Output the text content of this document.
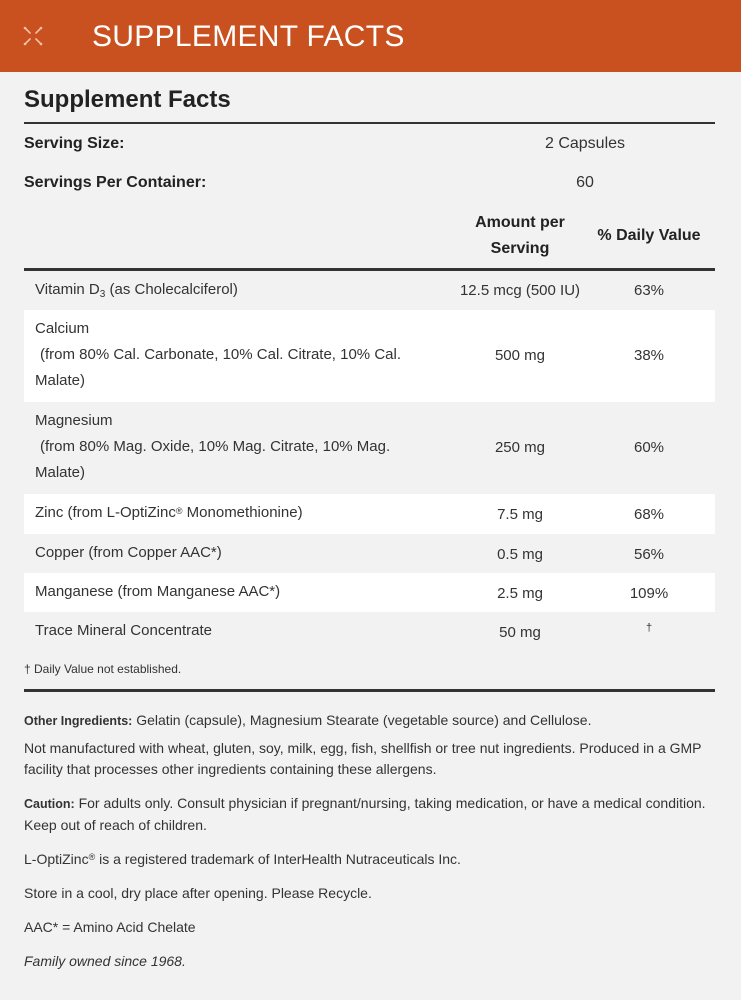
SUPPLEMENT FACTS
Supplement Facts
Serving Size:	2 Capsules
Servings Per Container:	60
Amount per
Serving
% Daily Value
Vitamin $D_3$ (as Cholecalciferol)	12.5 mcg (500 IU)	63%
Calcium
(from 80% Cal. Carbonate, 10% Cal. Citrate, 10% Cal.
Malate)
500 mg	38%
Magnesium
(from 80% Mag. Oxide, 10% Mag. Citrate, 10% Mag.
Malate)
250 mg	60%
Zinc (from L-OptiZinc® Monomethionine)	7.5 mg	68%
Copper (from Copper AAC*)	0.5 mg	56%
Manganese (from Manganese AAC*)	2.5 mg	109%
Trace Mineral Concentrate	50 mg	†
† Daily Value not established.

Other Ingredients: Gelatin (capsule), Magnesium Stearate (vegetable source) and Cellulose.

Not manufactured with wheat, gluten, soy, milk, egg, fish, shellfish or tree nut ingredients. Produced in a GMP facility that processes other ingredients containing these allergens.

Caution: For adults only. Consult physician if pregnant/nursing, taking medication, or have a medical condition. Keep out of reach of children.

L-OptiZinc® is a registered trademark of InterHealth Nutraceuticals Inc.

Store in a cool, dry place after opening. Please Recycle.

AAC* = Amino Acid Chelate

Family owned since 1968.
